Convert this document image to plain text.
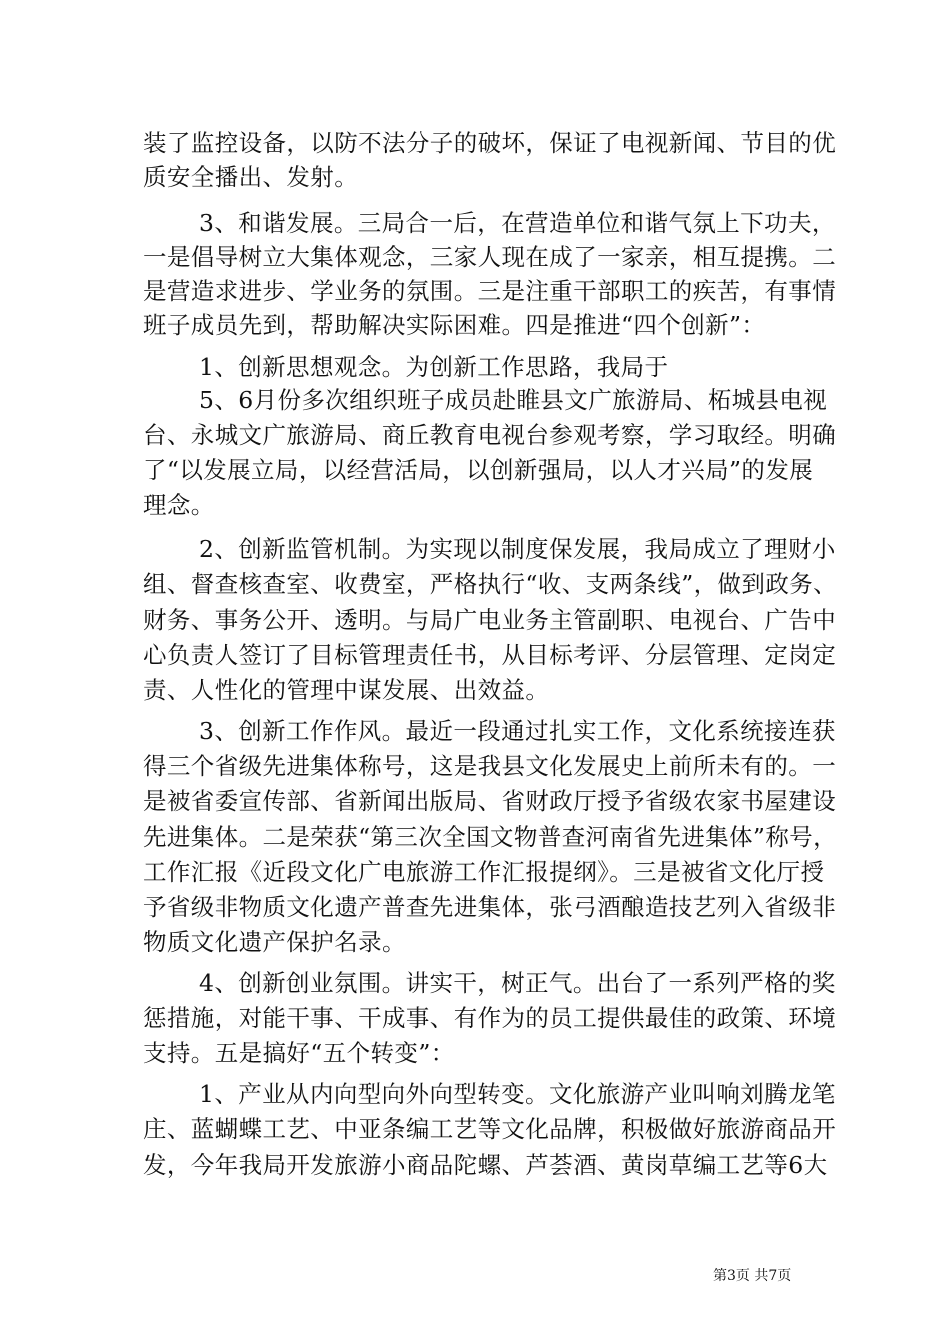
装了监控设备，以防不法分子的破坏，保证了电视新闻、节目的优
质安全播出、发射。
3、和谐发展。三局合一后，在营造单位和谐气氛上下功夫，
一是倡导树立大集体观念，三家人现在成了一家亲，相互提携。二
是营造求进步、学业务的氛围。三是注重干部职工的疾苦，有事情
班子成员先到，帮助解决实际困难。四是推进“四个创新”：
1、创新思想观念。为创新工作思路，我局于
5、6月份多次组织班子成员赴睢县文广旅游局、柘城县电视
台、永城文广旅游局、商丘教育电视台参观考察，学习取经。明确
了“以发展立局，以经营活局，以创新强局，以人才兴局”的发展
理念。
2、创新监管机制。为实现以制度保发展，我局成立了理财小
组、督查核查室、收费室，严格执行“收、支两条线”，做到政务、
财务、事务公开、透明。与局广电业务主管副职、电视台、广告中
心负责人签订了目标管理责任书，从目标考评、分层管理、定岗定
责、人性化的管理中谋发展、出效益。
3、创新工作作风。最近一段通过扎实工作，文化系统接连获
得三个省级先进集体称号，这是我县文化发展史上前所未有的。一
是被省委宣传部、省新闻出版局、省财政厅授予省级农家书屋建设
先进集体。二是荣获“第三次全国文物普查河南省先进集体”称号，
工作汇报《近段文化广电旅游工作汇报提纲》。三是被省文化厅授
予省级非物质文化遗产普查先进集体，张弓酒酿造技艺列入省级非
物质文化遗产保护名录。
4、创新创业氛围。讲实干，树正气。出台了一系列严格的奖
惩措施，对能干事、干成事、有作为的员工提供最佳的政策、环境
支持。五是搞好“五个转变”：
1、产业从内向型向外向型转变。文化旅游产业叫响刘腾龙笔
庄、蓝蝴蝶工艺、中亚条编工艺等文化品牌，积极做好旅游商品开
发，今年我局开发旅游小商品陀螺、芦荟酒、黄岗草编工艺等6大
第3页 共7页
